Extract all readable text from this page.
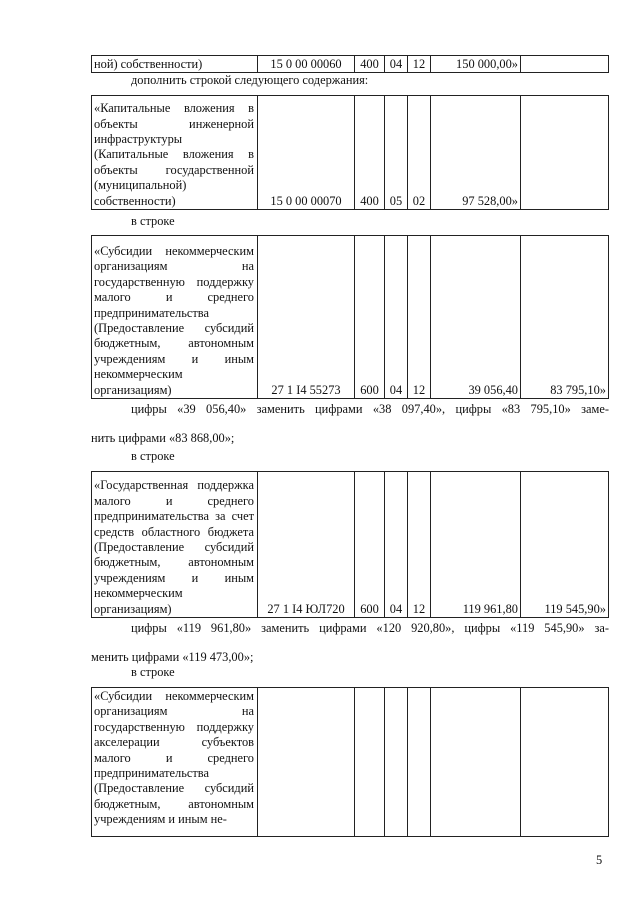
ной) собственности)	15 0 00 00060	400	04	12	150 000,00»	
дополнить строкой следующего содержания:
«Капитальные вложения в объекты инженерной инфраструктуры (Капитальные вложения в объекты государственной (муниципальной) собственности)	15 0 00 00070	400	05	02	97 528,00»	
в строке
«Субсидии некоммерческим организациям на государственную поддержку малого и среднего предпринимательства (Предоставление субсидий бюджетным, автономным учреждениям и иным некоммерческим организациям)	27 1 I4 55273	600	04	12	39 056,40	83 795,10»
цифры «39 056,40» заменить цифрами «38 097,40», цифры «83 795,10» заме-
нить цифрами «83 868,00»;
в строке
«Государственная поддержка малого и среднего предпринимательства за счет средств областного бюджета (Предоставление субсидий бюджетным, автономным учреждениям и иным некоммерческим организациям)	27 1 I4 ЮЛ720	600	04	12	119 961,80	119 545,90»
цифры «119 961,80» заменить цифрами «120 920,80», цифры «119 545,90» за-
менить цифрами «119 473,00»;
в строке
«Субсидии некоммерческим организациям на государственную поддержку акселерации субъектов малого и среднего предпринимательства (Предоставление субсидий бюджетным, автономным учреждениям и иным не-						
5
